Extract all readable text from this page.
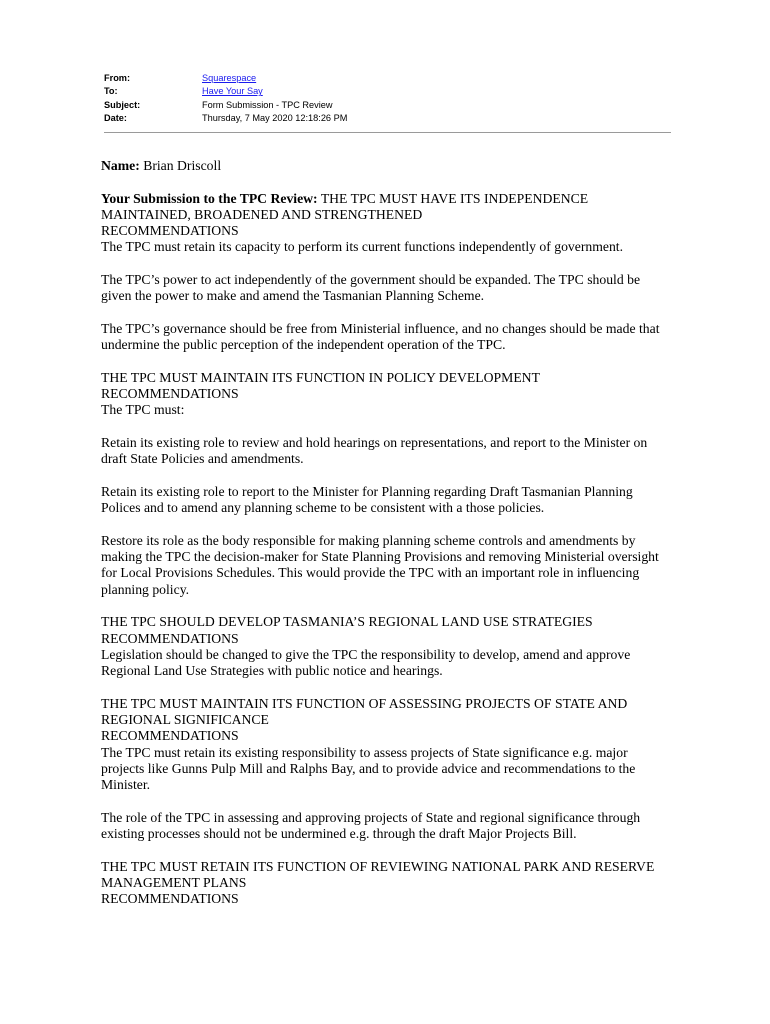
From:	Squarespace
To:	Have Your Say
Subject:	Form Submission - TPC Review
Date:	Thursday, 7 May 2020 12:18:26 PM

Name: Brian Driscoll

Your Submission to the TPC Review: THE TPC MUST HAVE ITS INDEPENDENCE MAINTAINED, BROADENED AND STRENGTHENED

RECOMMENDATIONS

The TPC must retain its capacity to perform its current functions independently of government.

The TPC’s power to act independently of the government should be expanded. The TPC should be given the power to make and amend the Tasmanian Planning Scheme.

The TPC’s governance should be free from Ministerial influence, and no changes should be made that undermine the public perception of the independent operation of the TPC.

THE TPC MUST MAINTAIN ITS FUNCTION IN POLICY DEVELOPMENT

RECOMMENDATIONS

The TPC must:

Retain its existing role to review and hold hearings on representations, and report to the Minister on draft State Policies and amendments.

Retain its existing role to report to the Minister for Planning regarding Draft Tasmanian Planning Polices and to amend any planning scheme to be consistent with a those policies.

Restore its role as the body responsible for making planning scheme controls and amendments by making the TPC the decision-maker for State Planning Provisions and removing Ministerial oversight for Local Provisions Schedules. This would provide the TPC with an important role in influencing planning policy.

THE TPC SHOULD DEVELOP TASMANIA’S REGIONAL LAND USE STRATEGIES

RECOMMENDATIONS

Legislation should be changed to give the TPC the responsibility to develop, amend and approve Regional Land Use Strategies with public notice and hearings.

THE TPC MUST MAINTAIN ITS FUNCTION OF ASSESSING PROJECTS OF STATE AND REGIONAL SIGNIFICANCE

RECOMMENDATIONS

The TPC must retain its existing responsibility to assess projects of State significance e.g. major projects like Gunns Pulp Mill and Ralphs Bay, and to provide advice and recommendations to the Minister.

The role of the TPC in assessing and approving projects of State and regional significance through existing processes should not be undermined e.g. through the draft Major Projects Bill.

THE TPC MUST RETAIN ITS FUNCTION OF REVIEWING NATIONAL PARK AND RESERVE MANAGEMENT PLANS

RECOMMENDATIONS
